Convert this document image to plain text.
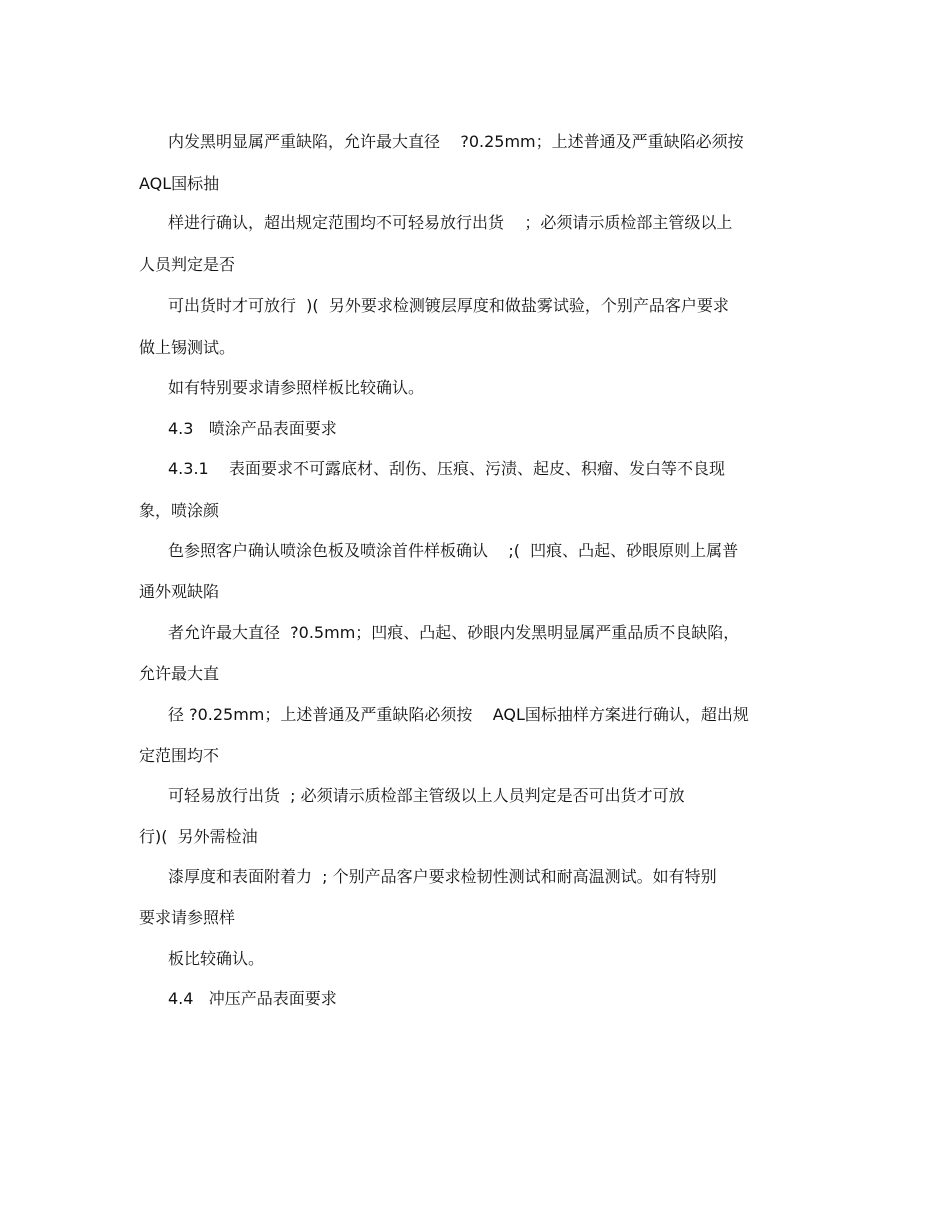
内发黑明显属严重缺陷，允许最大直径    ?0.25mm；上述普通及严重缺陷必须按

AQL国标抽

样进行确认，超出规定范围均不可轻易放行出货    ；必须请示质检部主管级以上

人员判定是否

可出货时才可放行  )(  另外要求检测镀层厚度和做盐雾试验，个别产品客户要求

做上锡测试。

如有特别要求请参照样板比较确认。

4.3   喷涂产品表面要求

4.3.1    表面要求不可露底材、刮伤、压痕、污渍、起皮、积瘤、发白等不良现

象，喷涂颜

色参照客户确认喷涂色板及喷涂首件样板确认    ;(  凹痕、凸起、砂眼原则上属普

通外观缺陷

者允许最大直径  ?0.5mm；凹痕、凸起、砂眼内发黑明显属严重品质不良缺陷，

允许最大直

径 ?0.25mm；上述普通及严重缺陷必须按    AQL国标抽样方案进行确认，超出规

定范围均不

可轻易放行出货  ; 必须请示质检部主管级以上人员判定是否可出货才可放

行)(  另外需检油

漆厚度和表面附着力  ; 个别产品客户要求检韧性测试和耐高温测试。如有特别

要求请参照样

板比较确认。

4.4   冲压产品表面要求
